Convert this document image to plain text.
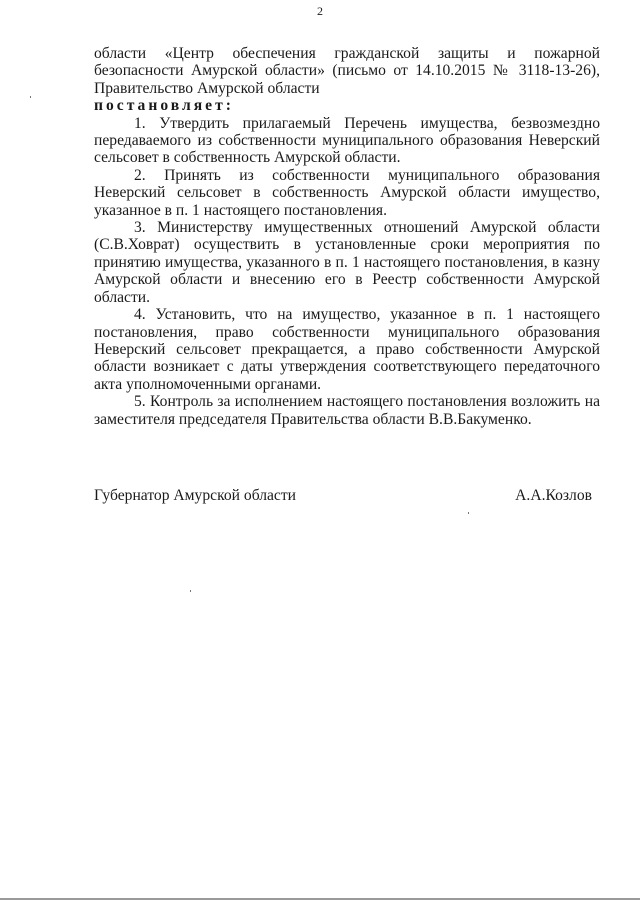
2

области «Центр обеспечения гражданской защиты и пожарной безопасности Амурской области» (письмо от 14.10.2015 № 3118-13-26), Правительство Амурской области

постановляет:

1. Утвердить прилагаемый Перечень имущества, безвозмездно передаваемого из собственности муниципального образования Неверский сельсовет в собственность Амурской области.

2. Принять из собственности муниципального образования Неверский сельсовет в собственность Амурской области имущество, указанное в п. 1 настоящего постановления.

3. Министерству имущественных отношений Амурской области (С.В.Ховрат) осуществить в установленные сроки мероприятия по принятию имущества, указанного в п. 1 настоящего постановления, в казну Амурской области и внесению его в Реестр собственности Амурской области.

4. Установить, что на имущество, указанное в п. 1 настоящего постановления, право собственности муниципального образования Неверский сельсовет прекращается, а право собственности Амурской области возникает с даты утверждения соответствующего передаточного акта уполномоченными органами.

5. Контроль за исполнением настоящего постановления возложить на заместителя председателя Правительства области В.В.Бакуменко.

Губернатор Амурской области	А.А.Козлов
